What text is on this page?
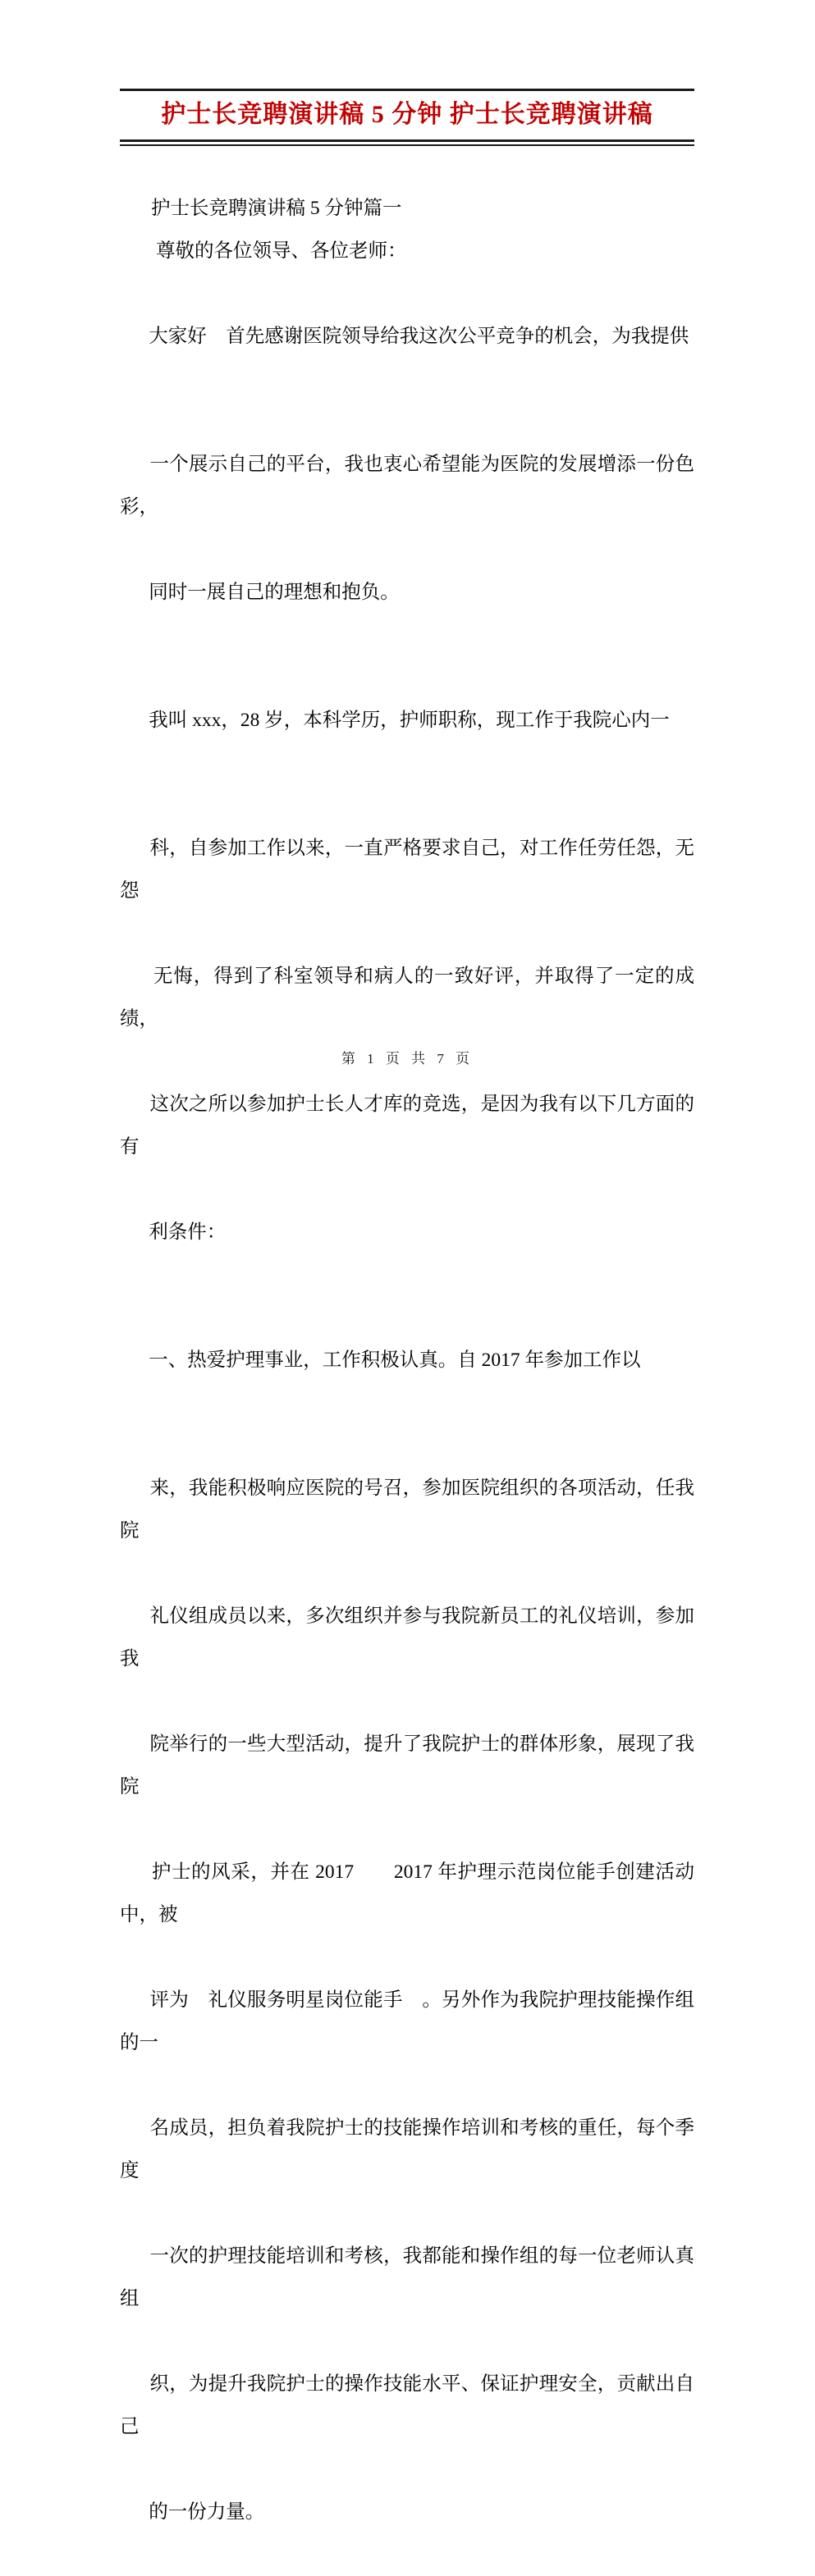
护士长竞聘演讲稿 5 分钟 护士长竞聘演讲稿

护士长竞聘演讲稿 5 分钟篇一

尊敬的各位领导、各位老师：

大家好　首先感谢医院领导给我这次公平竞争的机会，为我提供

一个展示自己的平台，我也衷心希望能为医院的发展增添一份色彩，

同时一展自己的理想和抱负。

我叫 xxx，28 岁，本科学历，护师职称，现工作于我院心内一

科，自参加工作以来，一直严格要求自己，对工作任劳任怨，无怨

无悔，得到了科室领导和病人的一致好评，并取得了一定的成绩，

这次之所以参加护士长人才库的竞选，是因为我有以下几方面的有

利条件：

一、热爱护理事业，工作积极认真。自 2017 年参加工作以

来，我能积极响应医院的号召，参加医院组织的各项活动，任我院

礼仪组成员以来，多次组织并参与我院新员工的礼仪培训，参加我

院举行的一些大型活动，提升了我院护士的群体形象，展现了我院

护士的风采，并在 2017　　2017 年护理示范岗位能手创建活动中，被

评为　礼仪服务明星岗位能手　。另外作为我院护理技能操作组的一

名成员，担负着我院护士的技能操作培训和考核的重任，每个季度

一次的护理技能培训和考核，我都能和操作组的每一位老师认真组

织，为提升我院护士的操作技能水平、保证护理安全，贡献出自己

的一份力量。

第 1 页 共 7 页
